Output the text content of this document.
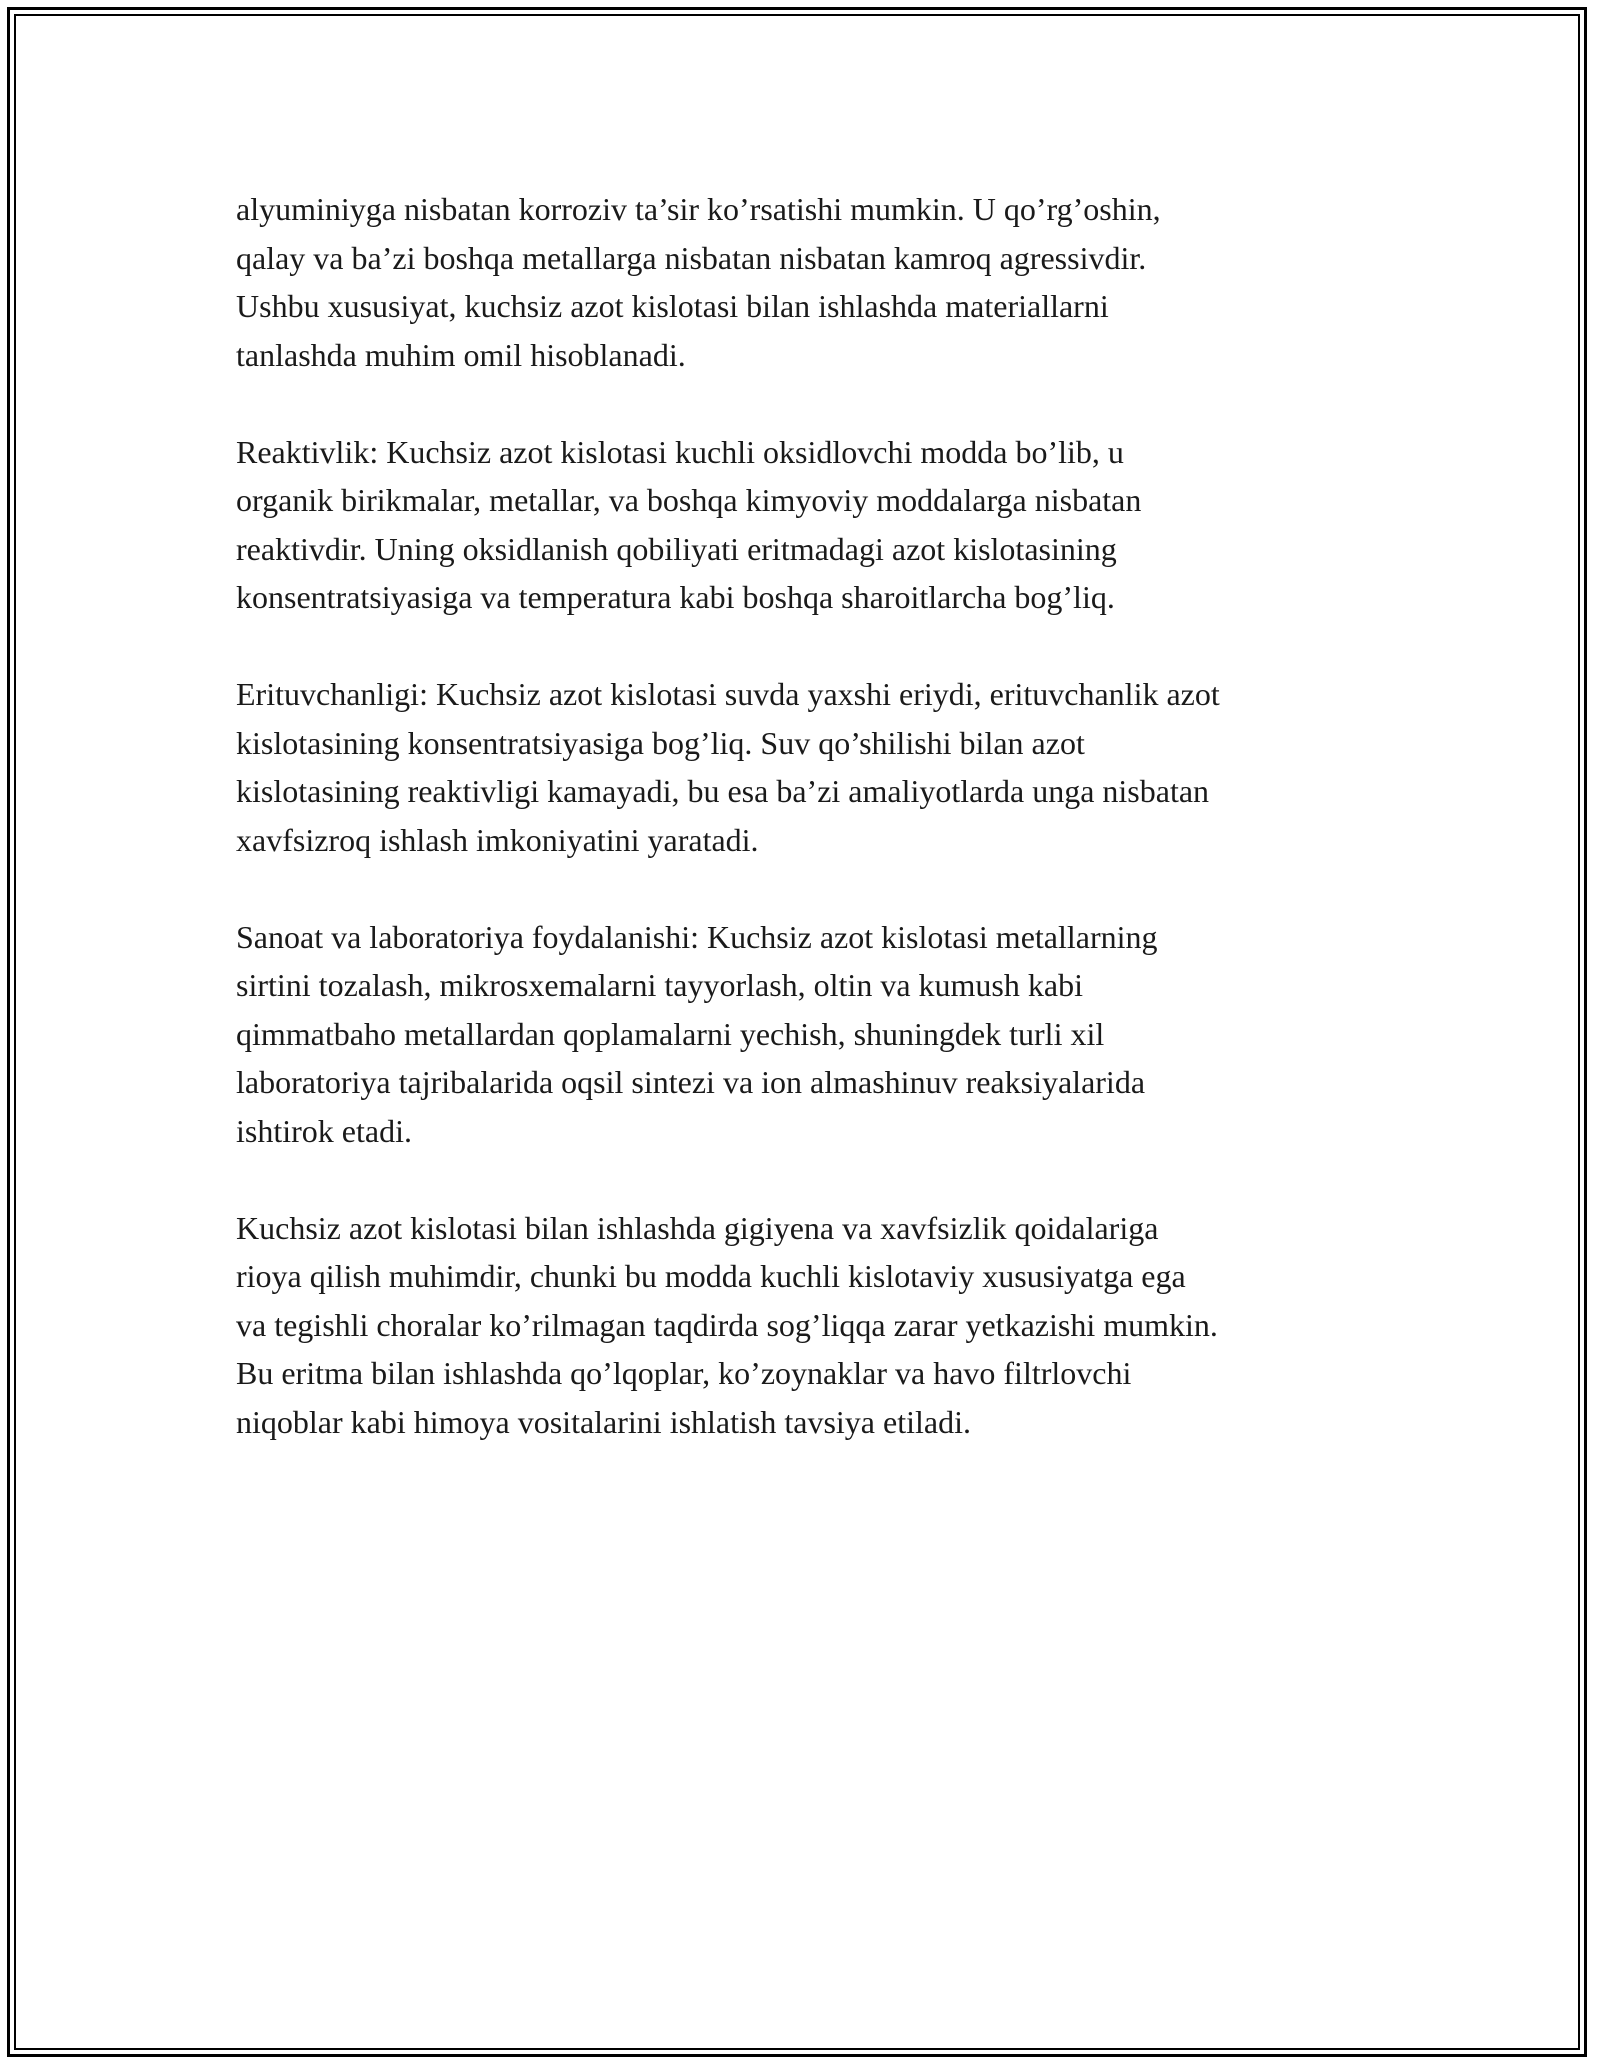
alyuminiyga nisbatan korroziv ta’sir ko’rsatishi mumkin. U qo’rg’oshin,
qalay va ba’zi boshqa metallarga nisbatan nisbatan kamroq agressivdir.
Ushbu xususiyat, kuchsiz azot kislotasi bilan ishlashda materiallarni
tanlashda muhim omil hisoblanadi.

Reaktivlik: Kuchsiz azot kislotasi kuchli oksidlovchi modda bo’lib, u
organik birikmalar, metallar, va boshqa kimyoviy moddalarga nisbatan
reaktivdir. Uning oksidlanish qobiliyati eritmadagi azot kislotasining
konsentratsiyasiga va temperatura kabi boshqa sharoitlarcha bog’liq.

Erituvchanligi: Kuchsiz azot kislotasi suvda yaxshi eriydi, erituvchanlik azot
kislotasining konsentratsiyasiga bog’liq. Suv qo’shilishi bilan azot
kislotasining reaktivligi kamayadi, bu esa ba’zi amaliyotlarda unga nisbatan
xavfsizroq ishlash imkoniyatini yaratadi.

Sanoat va laboratoriya foydalanishi: Kuchsiz azot kislotasi metallarning
sirtini tozalash, mikrosxemalarni tayyorlash, oltin va kumush kabi
qimmatbaho metallardan qoplamalarni yechish, shuningdek turli xil
laboratoriya tajribalarida oqsil sintezi va ion almashinuv reaksiyalarida
ishtirok etadi.

Kuchsiz azot kislotasi bilan ishlashda gigiyena va xavfsizlik qoidalariga
rioya qilish muhimdir, chunki bu modda kuchli kislotaviy xususiyatga ega
va tegishli choralar ko’rilmagan taqdirda sog’liqqa zarar yetkazishi mumkin.
Bu eritma bilan ishlashda qo’lqoplar, ko’zoynaklar va havo filtrlovchi
niqoblar kabi himoya vositalarini ishlatish tavsiya etiladi.
